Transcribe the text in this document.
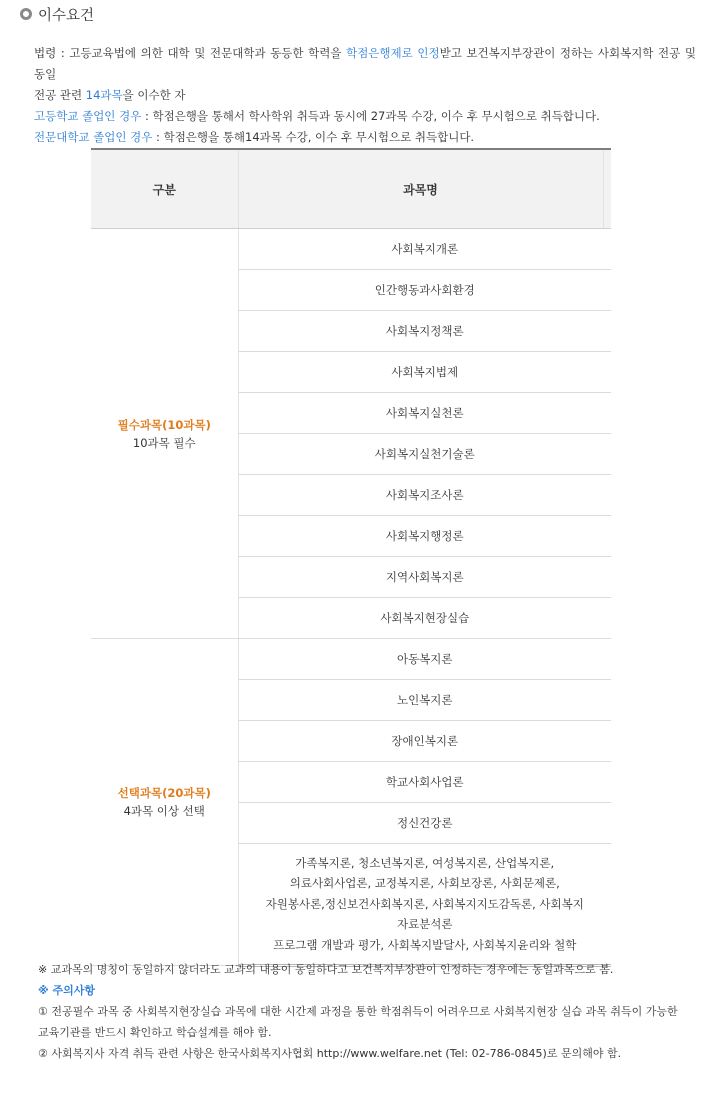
이수요건

법령 : 고등교육법에 의한 대학 및 전문대학과 동등한 학력을 학점은행제로 인정받고 보건복지부장관이 정하는 사회복지학 전공 및 동일

전공 관련 14과목을 이수한 자

고등학교 졸업인 경우 : 학점은행을 통해서 학사학위 취득과 동시에 27과목 수강, 이수 후 무시험으로 취득합니다.

전문대학교 졸업인 경우 : 학점은행을 통해14과목 수강, 이수 후 무시험으로 취득합니다.

구분	과목명	

필수과목(10과목)
10과목 필수	사회복지개론	
	인간행동과사회환경	
	사회복지정책론	
	사회복지법제	
	사회복지실천론	
	사회복지실천기술론	
	사회복지조사론	
	사회복지행정론	
	지역사회복지론	
	사회복지현장실습	

선택과목(20과목)
4과목 이상 선택	아동복지론	
	노인복지론	
	장애인복지론	
	학교사회사업론	
	정신건강론	

	가족복지론, 청소년복지론, 여성복지론, 산업복지론,
의료사회사업론, 교정복지론, 사회보장론, 사회문제론,
자원봉사론,정신보건사회복지론, 사회복지지도감독론, 사회복지
자료분석론
프로그램 개발과 평가, 사회복지발달사, 사회복지윤리와 철학	

※ 교과목의 명칭이 동일하지 않더라도 교과의 내용이 동일하다고 보건복지부장관이 인정하는 경우에는 동일과목으로 봄.

※ 주의사항

① 전공필수 과목 중 사회복지현장실습 과목에 대한 시간제 과정을 통한 학점취득이 어려우므로 사회복지현장 실습 과목 취득이 가능한

교육기관를 반드시 확인하고 학습설계를 해야 함.

② 사회복지사 자격 취득 관련 사항은 한국사회복지사협회 http://www.welfare.net (Tel: 02-786-0845)로 문의해야 함.
